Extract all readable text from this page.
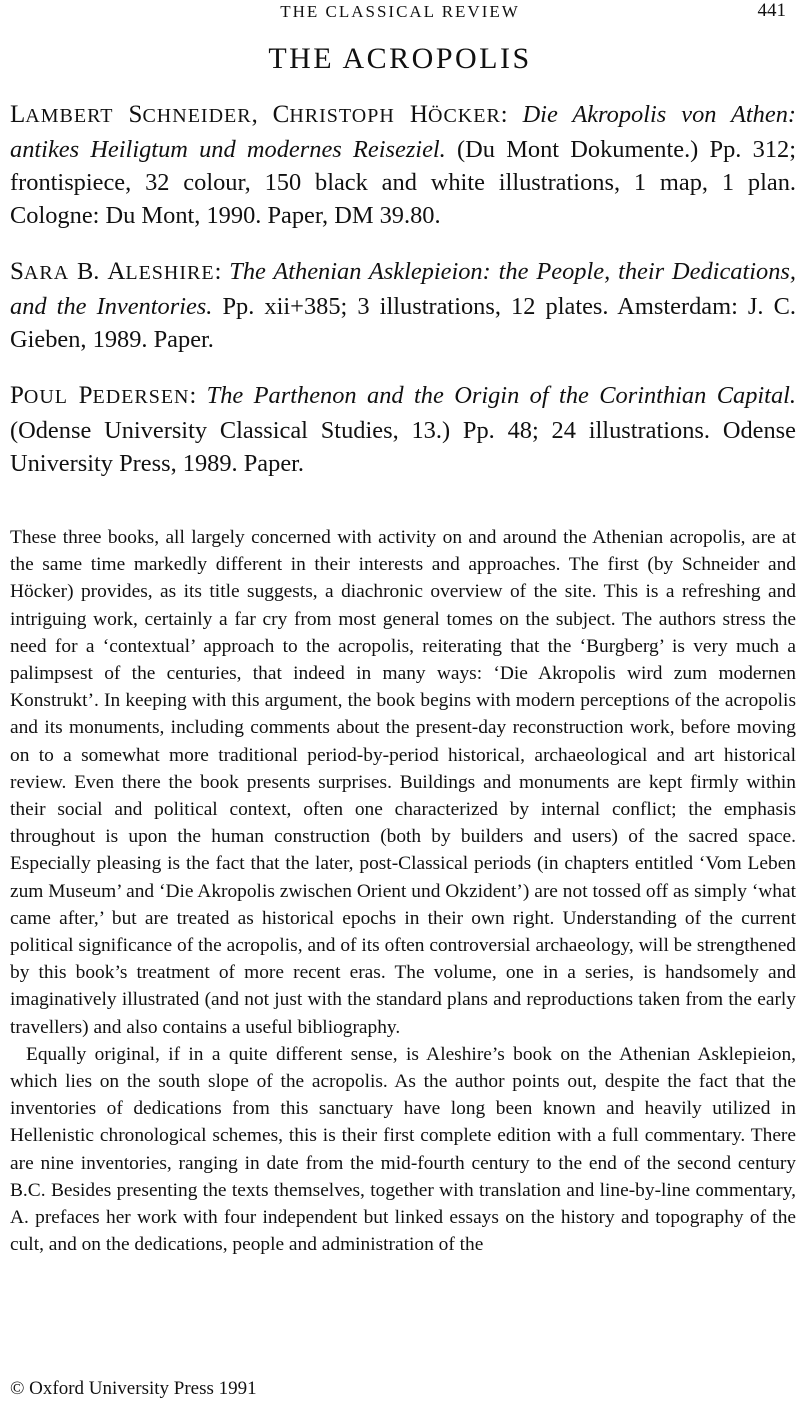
THE CLASSICAL REVIEW	441
THE ACROPOLIS

LAMBERT SCHNEIDER, CHRISTOPH HÖCKER: Die Akropolis von Athen: antikes Heiligtum und modernes Reiseziel. (Du Mont Dokumente.) Pp. 312; frontispiece, 32 colour, 150 black and white illustrations, 1 map, 1 plan. Cologne: Du Mont, 1990. Paper, DM 39.80.

SARA B. ALESHIRE: The Athenian Asklepieion: the People, their Dedications, and the Inventories. Pp. xii+385; 3 illustrations, 12 plates. Amsterdam: J. C. Gieben, 1989. Paper.

POUL PEDERSEN: The Parthenon and the Origin of the Corinthian Capital. (Odense University Classical Studies, 13.) Pp. 48; 24 illustrations. Odense University Press, 1989. Paper.

These three books, all largely concerned with activity on and around the Athenian acropolis, are at the same time markedly different in their interests and approaches. The first (by Schneider and Höcker) provides, as its title suggests, a diachronic overview of the site. This is a refreshing and intriguing work, certainly a far cry from most general tomes on the subject. The authors stress the need for a ‘contextual’ approach to the acropolis, reiterating that the ‘Burgberg’ is very much a palimpsest of the centuries, that indeed in many ways: ‘Die Akropolis wird zum modernen Konstrukt’. In keeping with this argument, the book begins with modern perceptions of the acropolis and its monuments, including comments about the present-day reconstruction work, before moving on to a somewhat more traditional period-by-period historical, archaeological and art historical review. Even there the book presents surprises. Buildings and monuments are kept firmly within their social and political context, often one characterized by internal conflict; the emphasis throughout is upon the human construction (both by builders and users) of the sacred space. Especially pleasing is the fact that the later, post-Classical periods (in chapters entitled ‘Vom Leben zum Museum’ and ‘Die Akropolis zwischen Orient und Okzident’) are not tossed off as simply ‘what came after,’ but are treated as historical epochs in their own right. Understanding of the current political significance of the acropolis, and of its often controversial archaeology, will be strengthened by this book’s treatment of more recent eras. The volume, one in a series, is handsomely and imaginatively illustrated (and not just with the standard plans and reproductions taken from the early travellers) and also contains a useful bibliography.

Equally original, if in a quite different sense, is Aleshire’s book on the Athenian Asklepieion, which lies on the south slope of the acropolis. As the author points out, despite the fact that the inventories of dedications from this sanctuary have long been known and heavily utilized in Hellenistic chronological schemes, this is their first complete edition with a full commentary. There are nine inventories, ranging in date from the mid-fourth century to the end of the second century B.C. Besides presenting the texts themselves, together with translation and line-by-line commentary, A. prefaces her work with four independent but linked essays on the history and topography of the cult, and on the dedications, people and administration of the

© Oxford University Press 1991
